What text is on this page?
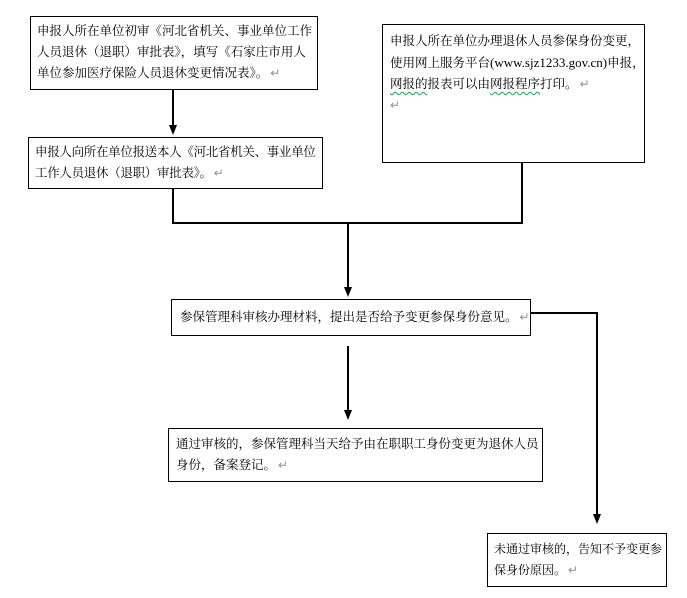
申报人所在单位初审《河北省机关、事业单位工作
人员退休（退职）审批表》，填写《石家庄市用人
单位参加医疗保险人员退休变更情况表》。 ↵
申报人所在单位办理退休人员参保身份变更，
使用网上服务平台(www.sjz1233.gov.cn)申报，
网报的报表可以由网报程序打印。 ↵
↵
申报人向所在单位报送本人《河北省机关、事业单位
工作人员退休（退职）审批表》。 ↵
参保管理科审核办理材料，提出是否给予变更参保身份意见。 ↵
通过审核的，参保管理科当天给予由在职职工身份变更为退休人员
身份，备案登记。 ↵
未通过审核的，告知不予变更参
保身份原因。 ↵
